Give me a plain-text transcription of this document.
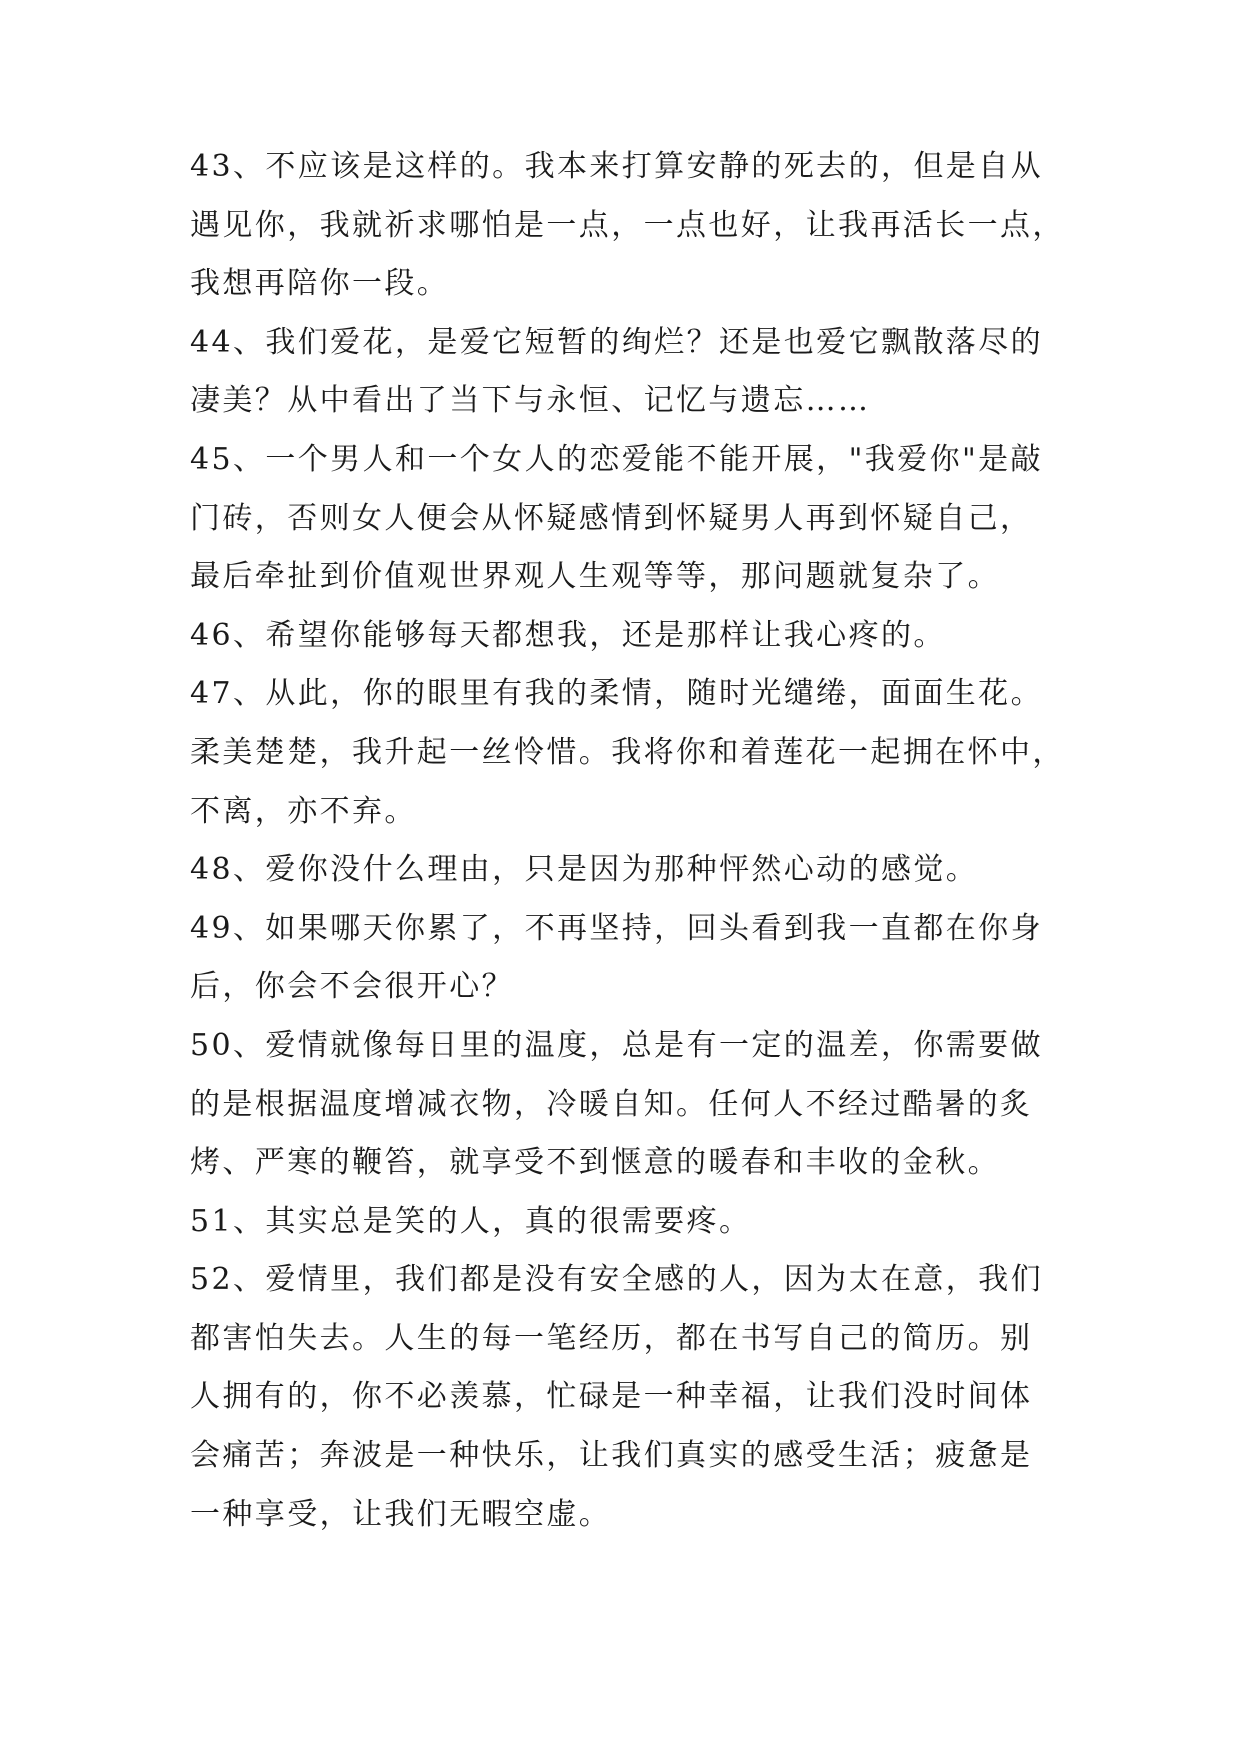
43、不应该是这样的。我本来打算安静的死去的，但是自从
遇见你，我就祈求哪怕是一点，一点也好，让我再活长一点，
我想再陪你一段。
44、我们爱花，是爱它短暂的绚烂？还是也爱它飘散落尽的
凄美？从中看出了当下与永恒、记忆与遗忘……
45、一个男人和一个女人的恋爱能不能开展，"我爱你"是敲
门砖，否则女人便会从怀疑感情到怀疑男人再到怀疑自己，
最后牵扯到价值观世界观人生观等等，那问题就复杂了。
46、希望你能够每天都想我，还是那样让我心疼的。
47、从此，你的眼里有我的柔情，随时光缱绻，面面生花。
柔美楚楚，我升起一丝怜惜。我将你和着莲花一起拥在怀中，
不离，亦不弃。
48、爱你没什么理由，只是因为那种怦然心动的感觉。
49、如果哪天你累了，不再坚持，回头看到我一直都在你身
后，你会不会很开心？
50、爱情就像每日里的温度，总是有一定的温差，你需要做
的是根据温度增减衣物，冷暖自知。任何人不经过酷暑的炙
烤、严寒的鞭笞，就享受不到惬意的暖春和丰收的金秋。
51、其实总是笑的人，真的很需要疼。
52、爱情里，我们都是没有安全感的人，因为太在意，我们
都害怕失去。人生的每一笔经历，都在书写自己的简历。别
人拥有的，你不必羡慕，忙碌是一种幸福，让我们没时间体
会痛苦；奔波是一种快乐，让我们真实的感受生活；疲惫是
一种享受，让我们无暇空虚。
